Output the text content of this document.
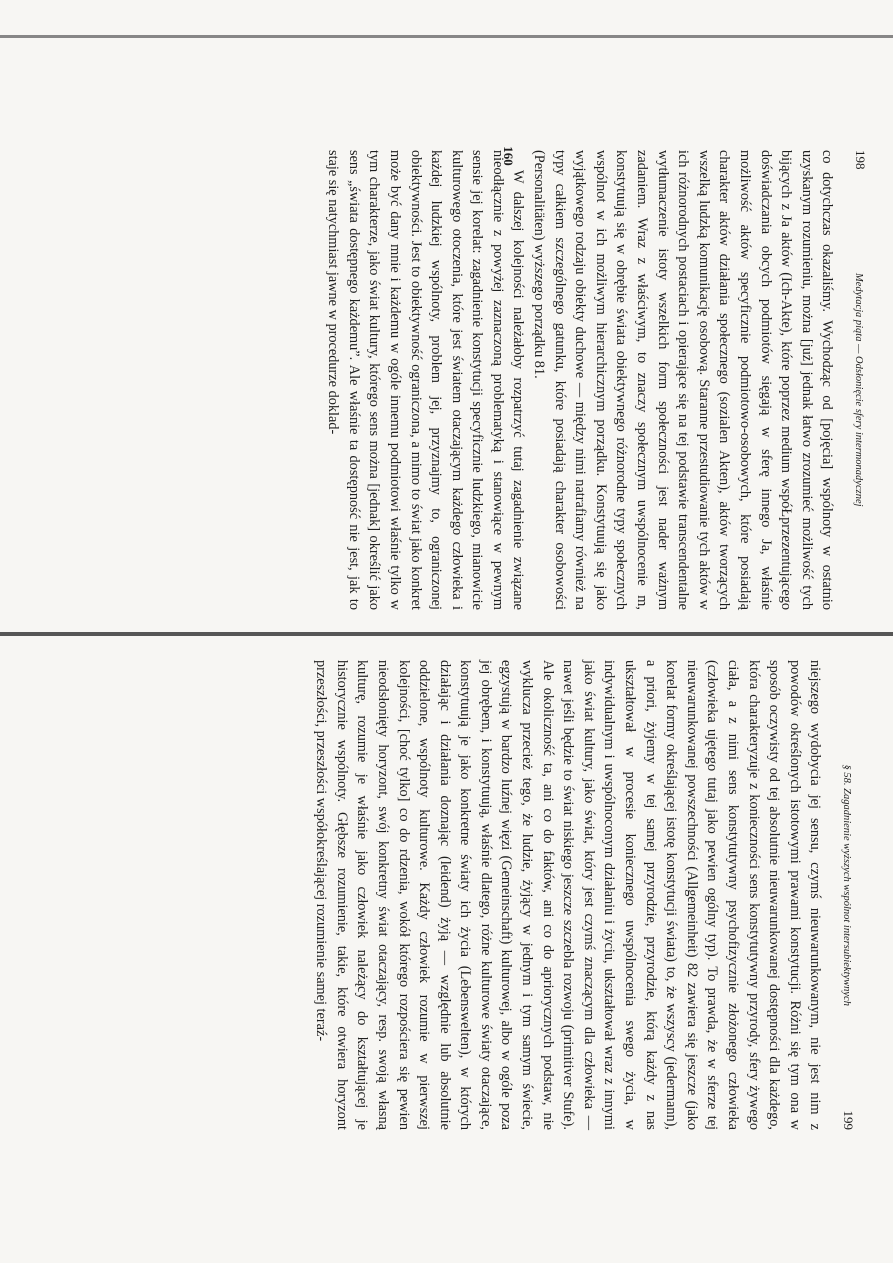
198
Medytacja piąta — Odsłonięcie sfery intermonadycznej

co dotychczas okazaliśmy. Wychodząc od [pojęcia] wspólnoty w ostatnio uzyskanym rozumieniu, można [już] jednak łatwo zrozumieć możliwość tych bijących z Ja aktów (Ich-Akte), które poprzez medium wspóŁprzezentującego doświadczania obcych podmiotów sięgają w sferę innego Ja, właśnie możliwość aktów specyficznie podmiotowo-osobowych, które posiadają charakter aktów działania społecznego (sozialen Akten), aktów tworzących wszelką ludzką komunikację osobową. Staranne przestudiowanie tych aktów w ich różnorodnych postaciach i opierające się na tej podstawie transcendentalne wytłumaczenie istoty wszelkich form społeczności jest nader ważnym zadaniem. Wraz z właściwym, to znaczy społecznym uwspólnocenie m, konstytuują się w obrębie świata obiektywnego różnorodne typy społecznych wspólnot w ich możliwym hierarchicznym porządku. Konstytuują się jako wyjątkowego rodzaju obiekty duchowe — między nimi natrafiamy również na typy całkiem szczególnego gatunku, które posiadają charakter osobowości (Personalitäten) wyższego porządku 81.

W dalszej kolejności należałoby rozpatrzyć tutaj zagadnienie związane nieodłącznie z powyżej zaznaczoną problematyką i stanowiące w pewnym sensie jej korelat: zagadnienie konstytucji specyficznie ludzkiego, mianowicie kulturowego otoczenia, które jest światem otaczającym każdego człowieka i każdej ludzkiej wspólnoty, problem jej, przyznajmy to, ograniczonej obiektywności. Jest to obiektywność ograniczona, a mimo to świat jako konkret może być dany mnie i każdemu w ogóle innemu podmiotowi właśnie tylko w tym charakterze, jako świat kultury, którego sens można [jednak] określić jako sens „świata dostępnego każdemu”. Ale właśnie ta dostępność nie jest, jak to staje się natychmiast jawne w procedurze doklad-	160
§ 58. Zagadnienie wyższych wspólnot intersubiektywnych
199

niejszego wydobycia jej sensu, czymś nieuwarunkowanym, nie jest nim z powodów określonych istotowymi prawami konstytucji. Różni się tym ona w sposób oczywisty od tej absolutnie nieuwarunkowanej dostępności dla każdego, która charakteryzuje z konieczności sens konstytutywny przyrody, sfery żywego ciała, a z nimi sens konstytutywny psychofizycznie złożonego człowieka (człowieka ujętego tutaj jako pewien ogólny typ). To prawda, że w sferze tej nieuwarunkowanej powszechności (Allgemeinheit) 82 zawiera się jeszcze (jako korelat formy określającej istotę konstytucji świata) to, że wszyscy (jedermann), a priori, żyjemy w tej samej przyrodzie, przyrodzie, którą każdy z nas ukształtował w procesie koniecznego uwspólnocenia swego życia, w indywidualnym i uwspólnoconym działaniu i życiu, ukształtował wraz z innymi jako świat kultury, jako świat, który jest czymś znaczącym dla człowieka — nawet jeśli będzie to świat niskiego jeszcze szczebla rozwoju (primitiver Stufe). Ale okoliczność ta, ani co do faktów, ani co do apriorycznych podstaw, nie wyklucza przecież tego, że ludzie, żyjący w jednym i tym samym świecie, egzystują w bardzo luźnej więzi (Gemeinschaft) kulturowej, albo w ogóle poza jej obrębem, i konstytuują, właśnie dlatego, różne kulturowe światy otaczające, konstytuują je jako konkretne światy ich życia (Lebenswelten), w których działając i działania doznając (leidend) żyją — względnie lub absolutnie oddzielone, wspólnoty kulturowe. Każdy człowiek rozumie w pierwszej kolejności, [choć tylko] co do rdzenia, wokół którego rozpościera się pewien nieodsłonięty horyzont, swój konkretny świat otaczający, resp. swoją własną kulturę, rozumie je właśnie jako człowiek należący do kształtującej je historycznie wspólnoty. Głębsze rozumienie, takie, które otwiera horyzont przeszłości, przeszłości współokreślającej rozumienie samej teraź-
